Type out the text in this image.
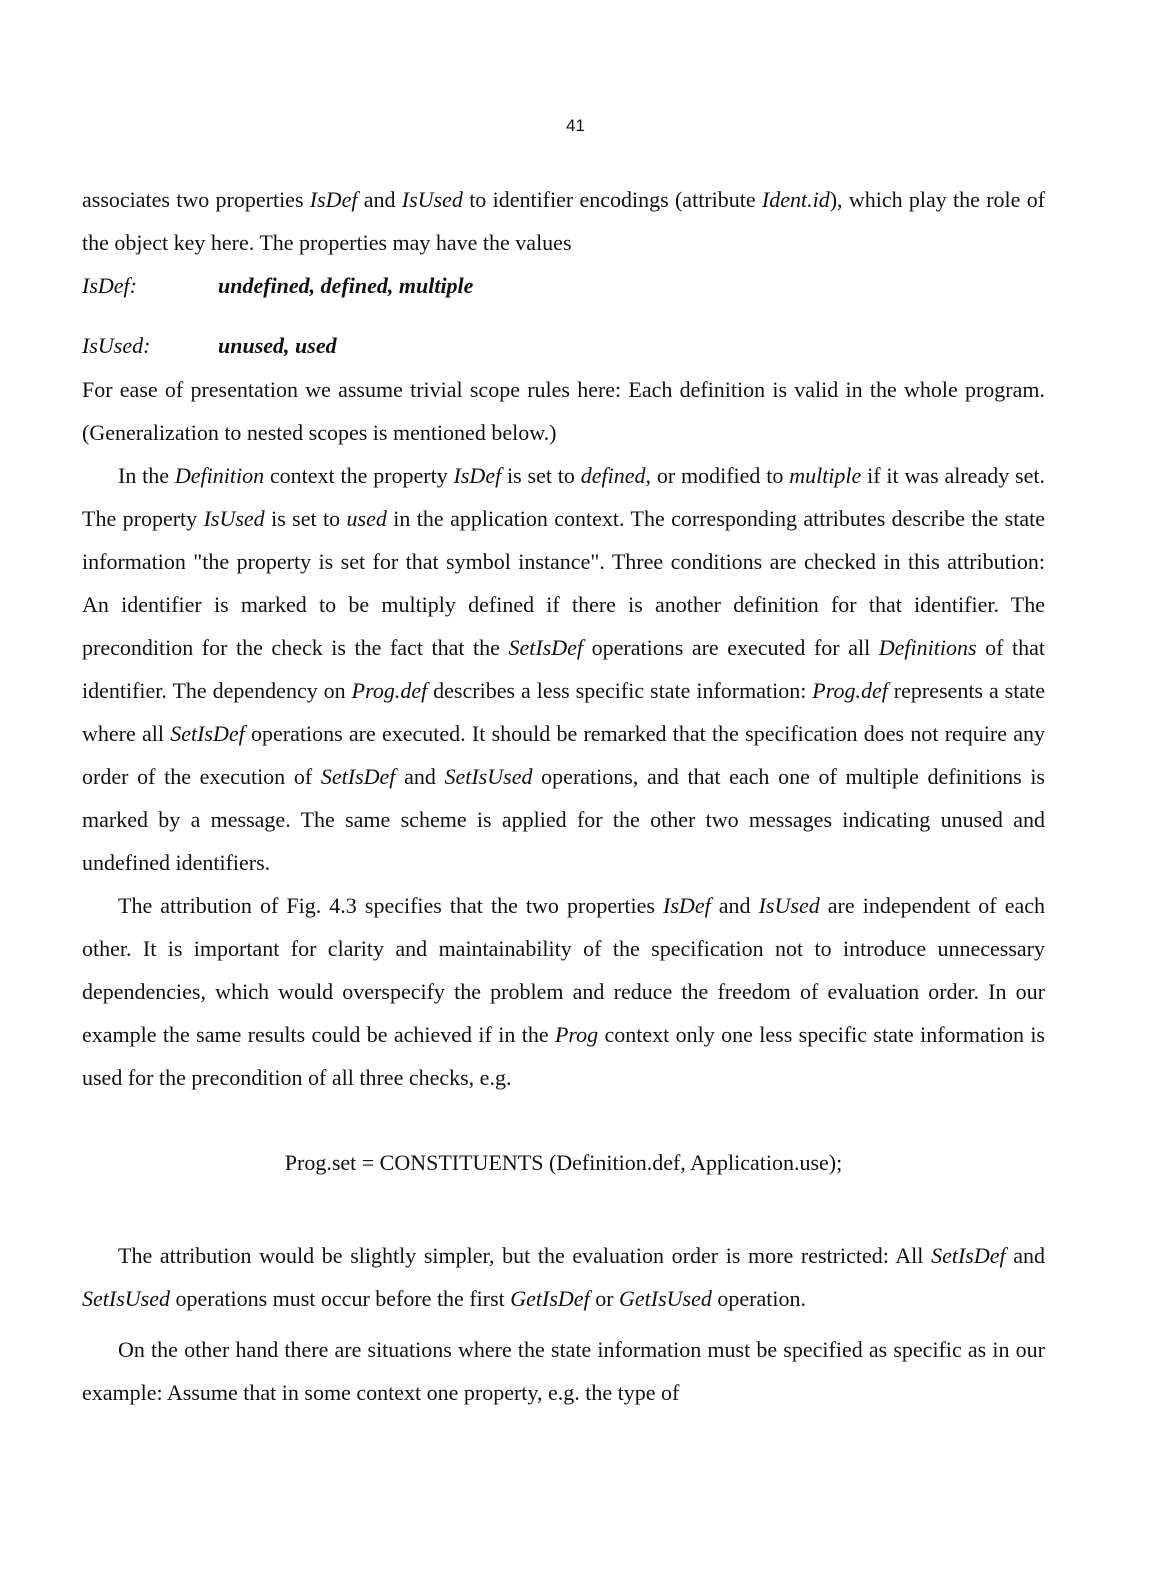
41

associates two properties IsDef and IsUsed to identifier encodings (attribute Ident.id), which play the role of the object key here. The properties may have the values

IsDef:	undefined, defined, multiple
IsUsed:	unused, used

For ease of presentation we assume trivial scope rules here: Each definition is valid in the whole program. (Generalization to nested scopes is mentioned below.)

In the Definition context the property IsDef is set to defined, or modified to multiple if it was already set. The property IsUsed is set to used in the application context. The corresponding attributes describe the state information "the property is set for that symbol instance". Three conditions are checked in this attribution: An identifier is marked to be multiply defined if there is another definition for that identifier. The precondition for the check is the fact that the SetIsDef operations are executed for all Definitions of that identifier. The dependency on Prog.def describes a less specific state information: Prog.def represents a state where all SetIsDef operations are executed. It should be remarked that the specification does not require any order of the execution of SetIsDef and SetIsUsed operations, and that each one of multiple definitions is marked by a message. The same scheme is applied for the other two messages indicating unused and undefined identifiers.

The attribution of Fig. 4.3 specifies that the two properties IsDef and IsUsed are independent of each other. It is important for clarity and maintainability of the specification not to introduce unnecessary dependencies, which would overspecify the problem and reduce the freedom of evaluation order. In our example the same results could be achieved if in the Prog context only one less specific state information is used for the precondition of all three checks, e.g.

Prog.set = CONSTITUENTS (Definition.def, Application.use);

The attribution would be slightly simpler, but the evaluation order is more restricted: All SetIsDef and SetIsUsed operations must occur before the first GetIsDef or GetIsUsed operation.

On the other hand there are situations where the state information must be specified as specific as in our example: Assume that in some context one property, e.g. the type of
